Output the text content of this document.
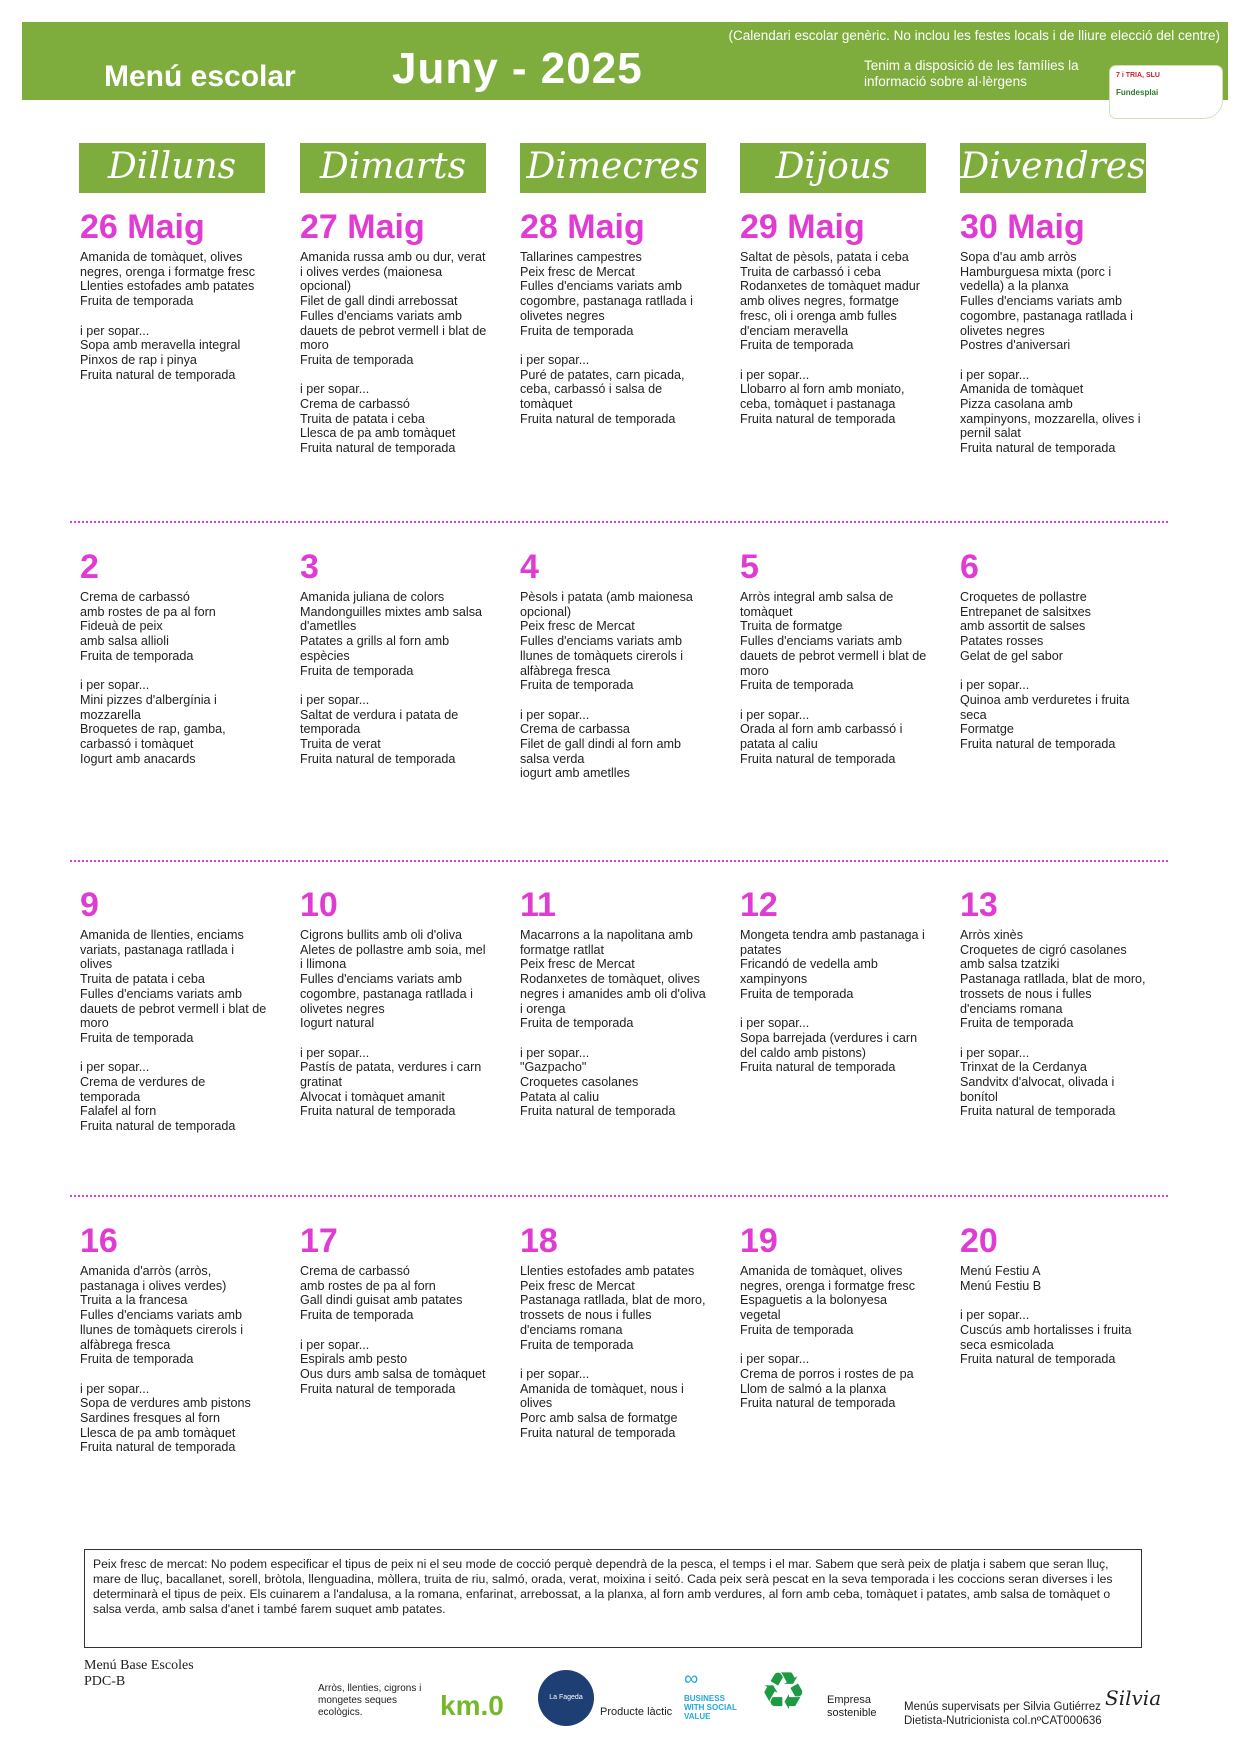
(Calendari escolar genèric. No inclou les festes locals i de lliure elecció del centre)
Menú escolar Juny - 2025	Tenim a disposició de les famílies la informació sobre al·lèrgens	7 i TRIA, SLU
Fundesplai
Dilluns	Dimarts	Dimecres	Dijous	Divendres
26 Maig
Amanida de tomàquet, olives
negres, orenga i formatge fresc
Llenties estofades amb patates
Fruita de temporada

i per sopar...
Sopa amb meravella integral
Pinxos de rap i pinya
Fruita natural de temporada
27 Maig
Amanida russa amb ou dur, verat
i olives verdes (maionesa
opcional)
Filet de gall dindi arrebossat
Fulles d'enciams variats amb
dauets de pebrot vermell i blat de
moro
Fruita de temporada

i per sopar...
Crema de carbassó
Truita de patata i ceba
Llesca de pa amb tomàquet
Fruita natural de temporada
28 Maig
Tallarines campestres
Peix fresc de Mercat
Fulles d'enciams variats amb
cogombre, pastanaga ratllada i
olivetes negres
Fruita de temporada

i per sopar...
Puré de patates, carn picada,
ceba, carbassó i salsa de
tomàquet
Fruita natural de temporada
29 Maig
Saltat de pèsols, patata i ceba
Truita de carbassó i ceba
Rodanxetes de tomàquet madur
amb olives negres, formatge
fresc, oli i orenga amb fulles
d'enciam meravella
Fruita de temporada

i per sopar...
Llobarro al forn amb moniato,
ceba, tomàquet i pastanaga
Fruita natural de temporada
30 Maig
Sopa d'au amb arròs
Hamburguesa mixta (porc i
vedella) a la planxa
Fulles d'enciams variats amb
cogombre, pastanaga ratllada i
olivetes negres
Postres d'aniversari

i per sopar...
Amanida de tomàquet
Pizza casolana amb
xampinyons, mozzarella, olives i
pernil salat
Fruita natural de temporada
2
Crema de carbassó
amb rostes de pa al forn
Fideuà de peix
amb salsa allioli
Fruita de temporada

i per sopar...
Mini pizzes d'albergínia i
mozzarella
Broquetes de rap, gamba,
carbassó i tomàquet
Iogurt amb anacards
3
Amanida juliana de colors
Mandonguilles mixtes amb salsa
d'ametlles
Patates a grills al forn amb
espècies
Fruita de temporada

i per sopar...
Saltat de verdura i patata de
temporada
Truita de verat
Fruita natural de temporada
4
Pèsols i patata (amb maionesa
opcional)
Peix fresc de Mercat
Fulles d'enciams variats amb
llunes de tomàquets cirerols i
alfàbrega fresca
Fruita de temporada

i per sopar...
Crema de carbassa
Filet de gall dindi al forn amb
salsa verda
iogurt amb ametlles
5
Arròs integral amb salsa de
tomàquet
Truita de formatge
Fulles d'enciams variats amb
dauets de pebrot vermell i blat de
moro
Fruita de temporada

i per sopar...
Orada al forn amb carbassó i
patata al caliu
Fruita natural de temporada
6
Croquetes de pollastre
Entrepanet de salsitxes
amb assortit de salses
Patates rosses
Gelat de gel sabor

i per sopar...
Quinoa amb verduretes i fruita
seca
Formatge
Fruita natural de temporada
9
Amanida de llenties, enciams
variats, pastanaga ratllada i
olives
Truita de patata i ceba
Fulles d'enciams variats amb
dauets de pebrot vermell i blat de
moro
Fruita de temporada

i per sopar...
Crema de verdures de
temporada
Falafel al forn
Fruita natural de temporada
10
Cigrons bullits amb oli d'oliva
Aletes de pollastre amb soia, mel
i llimona
Fulles d'enciams variats amb
cogombre, pastanaga ratllada i
olivetes negres
Iogurt natural

i per sopar...
Pastís de patata, verdures i carn
gratinat
Alvocat i tomàquet amanit
Fruita natural de temporada
11
Macarrons a la napolitana amb
formatge ratllat
Peix fresc de Mercat
Rodanxetes de tomàquet, olives
negres i amanides amb oli d'oliva
i orenga
Fruita de temporada

i per sopar...
"Gazpacho"
Croquetes casolanes
Patata al caliu
Fruita natural de temporada
12
Mongeta tendra amb pastanaga i
patates
Fricandó de vedella amb
xampinyons
Fruita de temporada

i per sopar...
Sopa barrejada (verdures i carn
del caldo amb pistons)
Fruita natural de temporada
13
Arròs xinès
Croquetes de cigró casolanes
amb salsa tzatziki
Pastanaga ratllada, blat de moro,
trossets de nous i fulles
d'enciams romana
Fruita de temporada

i per sopar...
Trinxat de la Cerdanya
Sandvitx d'alvocat, olivada i
bonítol
Fruita natural de temporada
16
Amanida d'arròs (arròs,
pastanaga i olives verdes)
Truita a la francesa
Fulles d'enciams variats amb
llunes de tomàquets cirerols i
alfàbrega fresca
Fruita de temporada

i per sopar...
Sopa de verdures amb pistons
Sardines fresques al forn
Llesca de pa amb tomàquet
Fruita natural de temporada
17
Crema de carbassó
amb rostes de pa al forn
Gall dindi guisat amb patates
Fruita de temporada

i per sopar...
Espirals amb pesto
Ous durs amb salsa de tomàquet
Fruita natural de temporada
18
Llenties estofades amb patates
Peix fresc de Mercat
Pastanaga ratllada, blat de moro,
trossets de nous i fulles
d'enciams romana
Fruita de temporada

i per sopar...
Amanida de tomàquet, nous i
olives
Porc amb salsa de formatge
Fruita natural de temporada
19
Amanida de tomàquet, olives
negres, orenga i formatge fresc
Espaguetis a la bolonyesa
vegetal
Fruita de temporada

i per sopar...
Crema de porros i rostes de pa
Llom de salmó a la planxa
Fruita natural de temporada
20
Menú Festiu A
Menú Festiu B

i per sopar...
Cuscús amb hortalisses i fruita
seca esmicolada
Fruita natural de temporada
Peix fresc de mercat: No podem especificar el tipus de peix ni el seu mode de cocció perquè dependrà de la pesca, el temps i el mar. Sabem que serà peix de platja i sabem que seran lluç, mare de lluç, bacallanet, sorell, bròtola, llenguadina, mòllera, truita de riu, salmó, orada, verat, moixina i seitó. Cada peix serà pescat en la seva temporada i les coccions seran diverses i les determinarà el tipus de peix. Els cuinarem a l'andalusa, a la romana, enfarinat, arrebossat, a la planxa, al forn amb verdures, al forn amb ceba, tomàquet i patates, amb salsa de tomàquet o salsa verda, amb salsa d'anet i també farem suquet amb patates.
Menú Base Escoles
PDC-B	Arròs, llenties, cigrons i mongetes seques ecològics.	km.0	La Fageda
Producte làctic
∞
BUSINESS WITH SOCIAL VALUE ♻ Empresa sostenible	Menús supervisats per Silvia Gutiérrez
Dietista-Nutricionista col.nºCAT000636
Silvia
